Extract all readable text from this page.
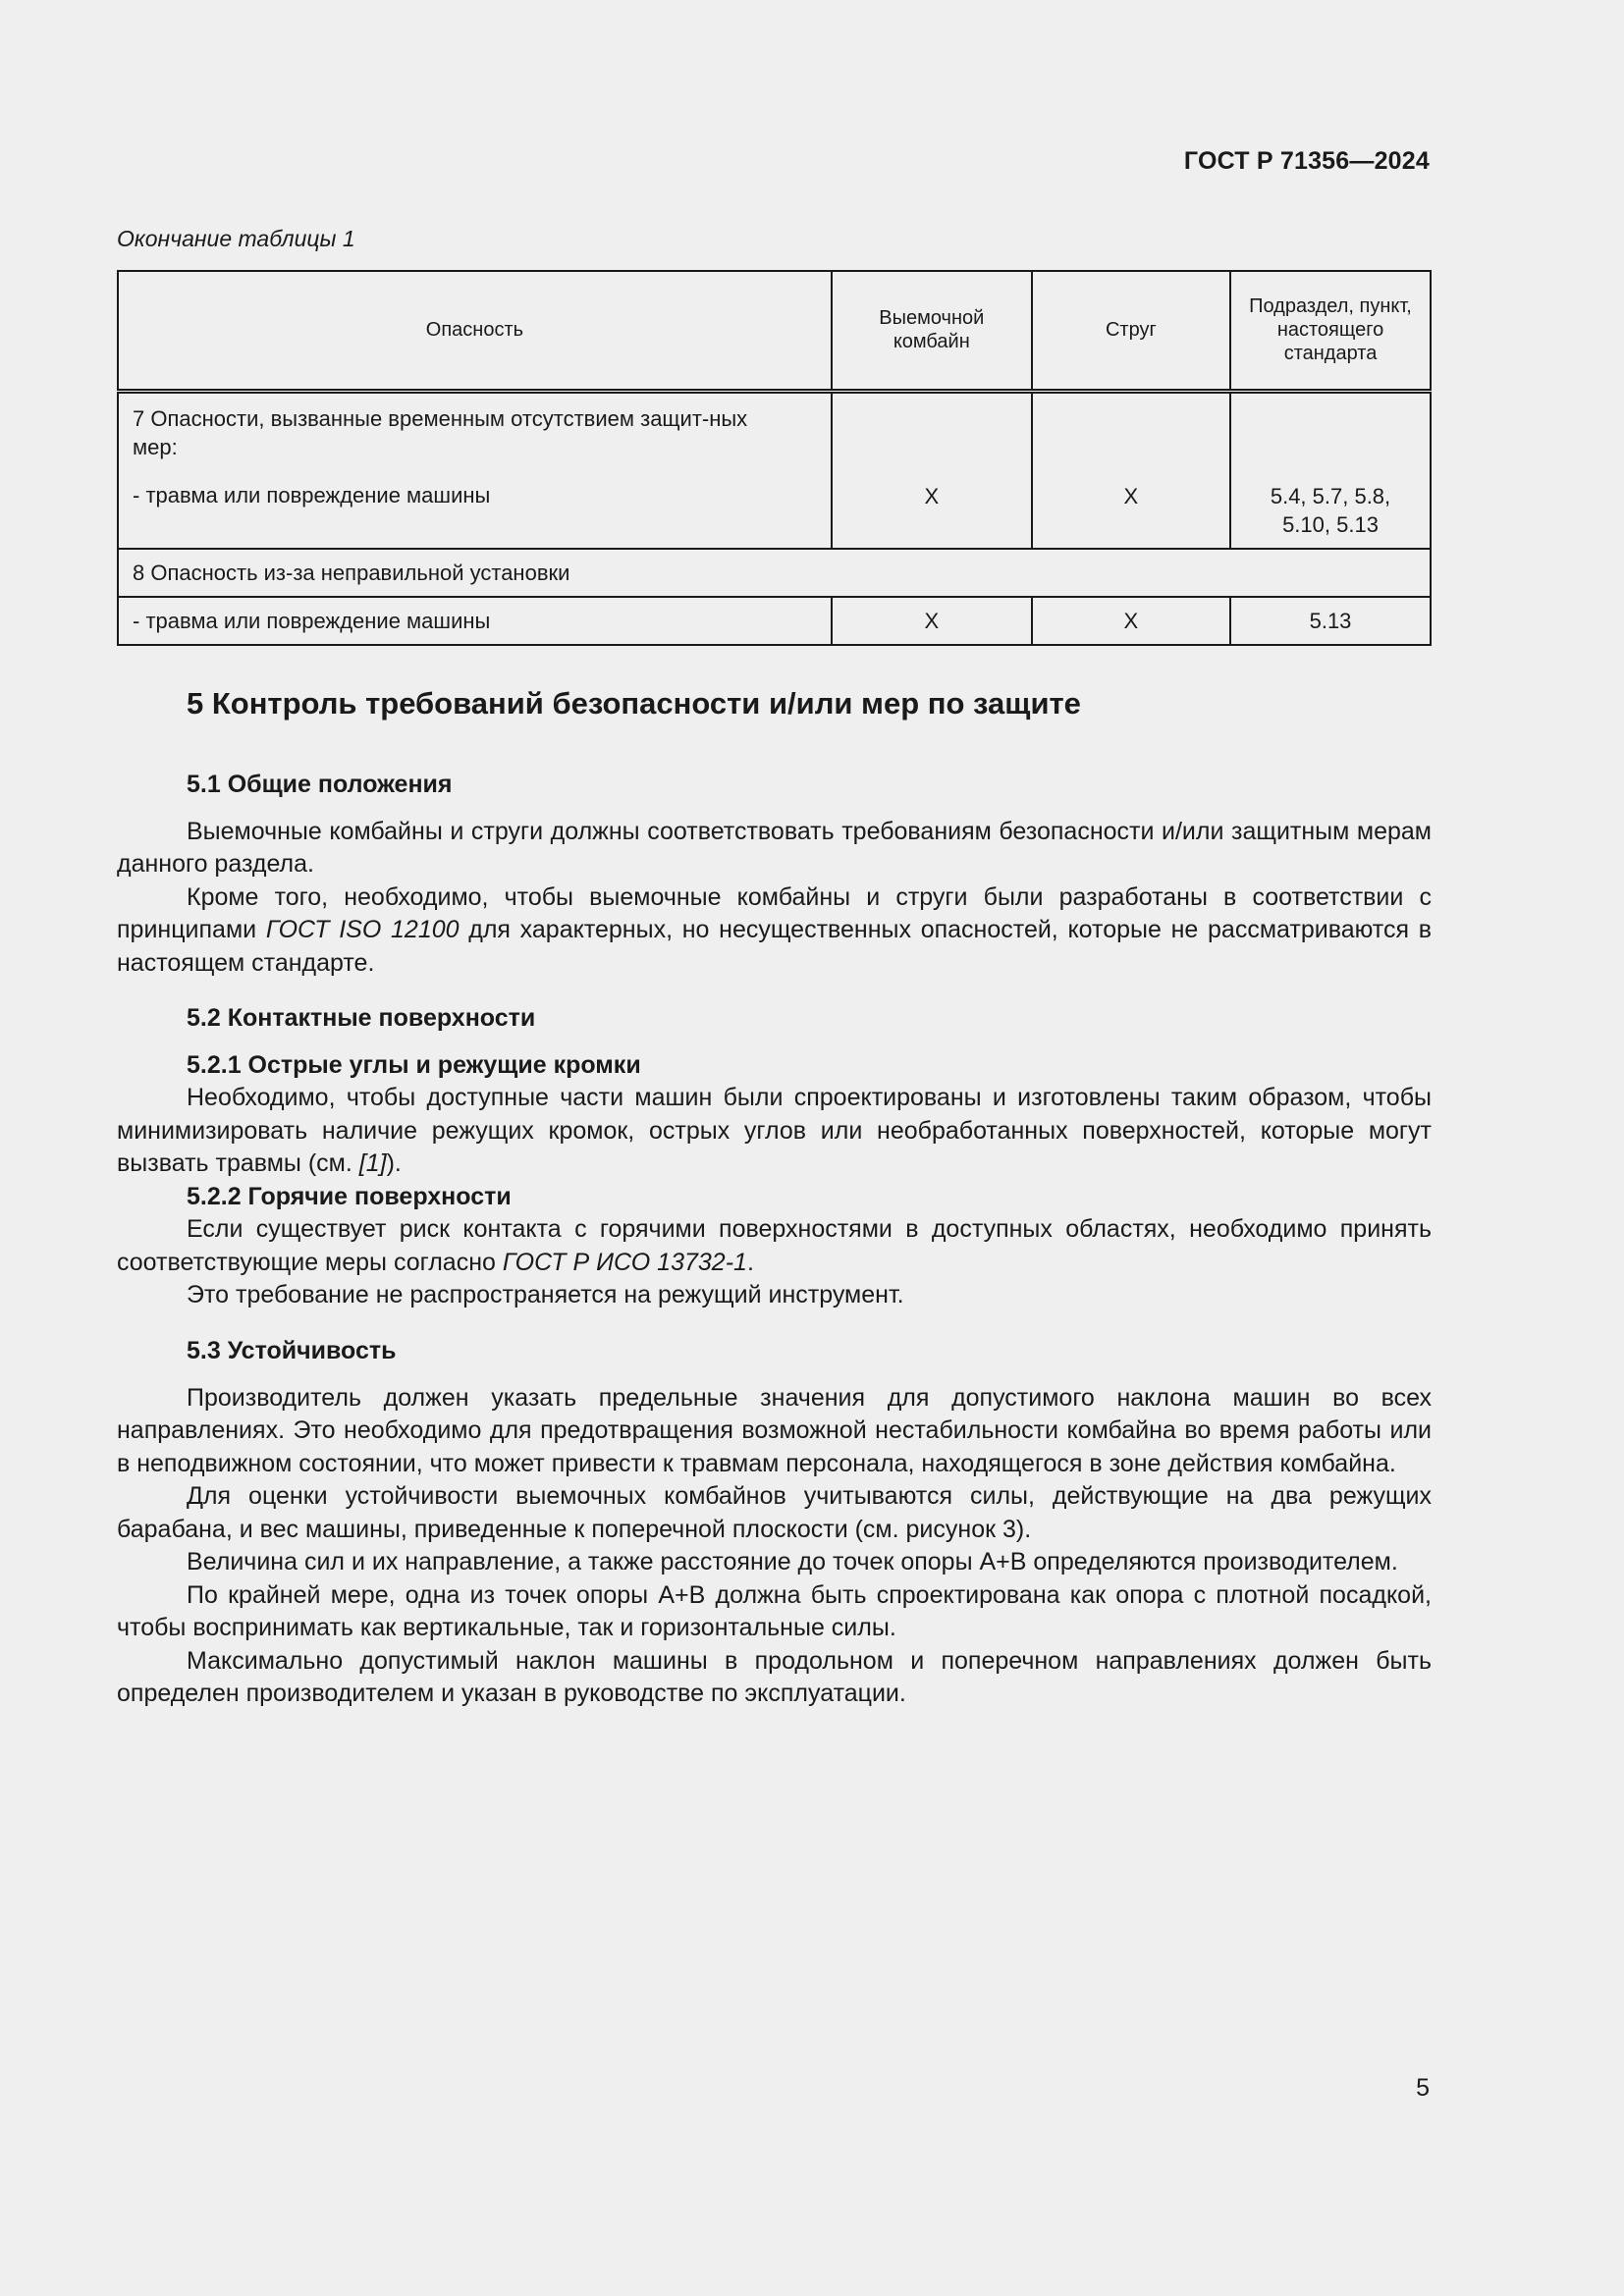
ГОСТ Р 71356—2024
Окончание таблицы 1
Опасность	Выемочной комбайн	Струг	Подраздел, пункт, настоящего стандарта

7 Опасности, вызванные временным отсутствием защит-ных мер:
- травма или повреждение машины	X	X	5.4, 5.7, 5.8, 5.10, 5.13
8 Опасность из-за неправильной установки			
- травма или повреждение машины	X	X	5.13
5 Контроль требований безопасности и/или мер по защите
5.1 Общие положения

Выемочные комбайны и струги должны соответствовать требованиям безопасности и/или защитным мерам данного раздела.

Кроме того, необходимо, чтобы выемочные комбайны и струги были разработаны в соответствии с принципами ГОСТ ISO 12100 для характерных, но несущественных опасностей, которые не рассматриваются в настоящем стандарте.

5.2 Контактные поверхности
5.2.1 Острые углы и режущие кромки

Необходимо, чтобы доступные части машин были спроектированы и изготовлены таким образом, чтобы минимизировать наличие режущих кромок, острых углов или необработанных поверхностей, которые могут вызвать травмы (см. [1]).

5.2.2 Горячие поверхности

Если существует риск контакта с горячими поверхностями в доступных областях, необходимо принять соответствующие меры согласно ГОСТ Р ИСО 13732-1.

Это требование не распространяется на режущий инструмент.

5.3 Устойчивость

Производитель должен указать предельные значения для допустимого наклона машин во всех направлениях. Это необходимо для предотвращения возможной нестабильности комбайна во время работы или в неподвижном состоянии, что может привести к травмам персонала, находящегося в зоне действия комбайна.

Для оценки устойчивости выемочных комбайнов учитываются силы, действующие на два режущих барабана, и вес машины, приведенные к поперечной плоскости (см. рисунок 3).

Величина сил и их направление, а также расстояние до точек опоры A+B определяются производителем.

По крайней мере, одна из точек опоры A+B должна быть спроектирована как опора с плотной посадкой, чтобы воспринимать как вертикальные, так и горизонтальные силы.

Максимально допустимый наклон машины в продольном и поперечном направлениях должен быть определен производителем и указан в руководстве по эксплуатации.

5
